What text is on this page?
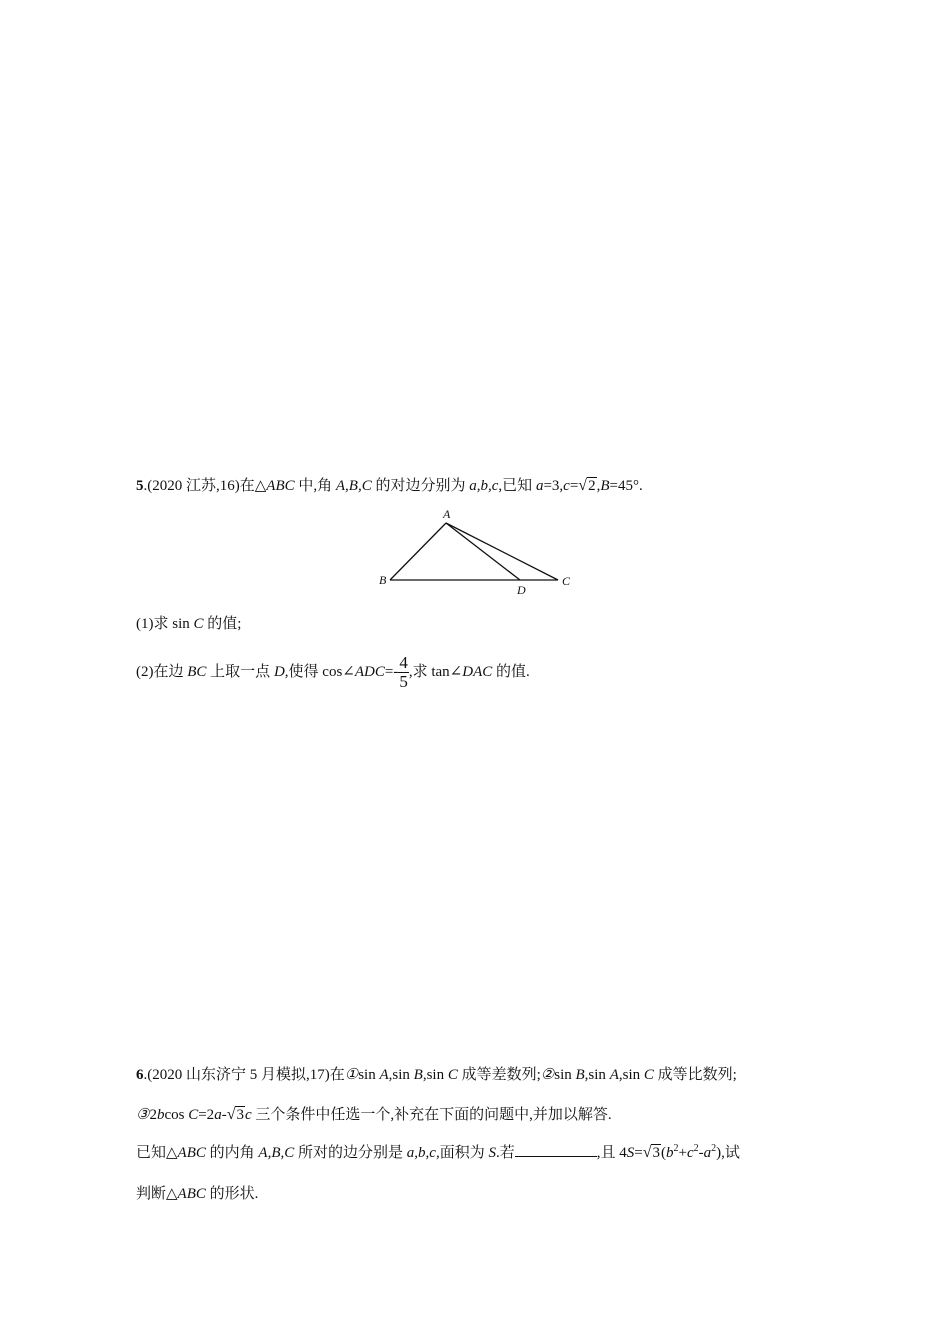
5.(2020 江苏,16)在△ABC 中,角 A,B,C 的对边分别为 a,b,c,已知 a=3,c=√2,B=45°.
A
B	C
D
(1)求 sin C 的值;
(2)在边 BC 上取一点 D,使得 cos∠ADC=- $\frac{4}{5}$ ,求 tan∠DAC 的值.
6.(2020 山东济宁 5 月模拟,17)在①sin A,sin B,sin C 成等差数列;②sin B,sin A,sin C 成等比数列;
③2bcos C=2a-√3c 三个条件中任选一个,补充在下面的问题中,并加以解答.
已知△ABC 的内角 A,B,C 所对的边分别是 a,b,c,面积为 S.若	,且 $4S=√3(b^2+c^2-a^2)$,试
判断△ABC 的形状.
